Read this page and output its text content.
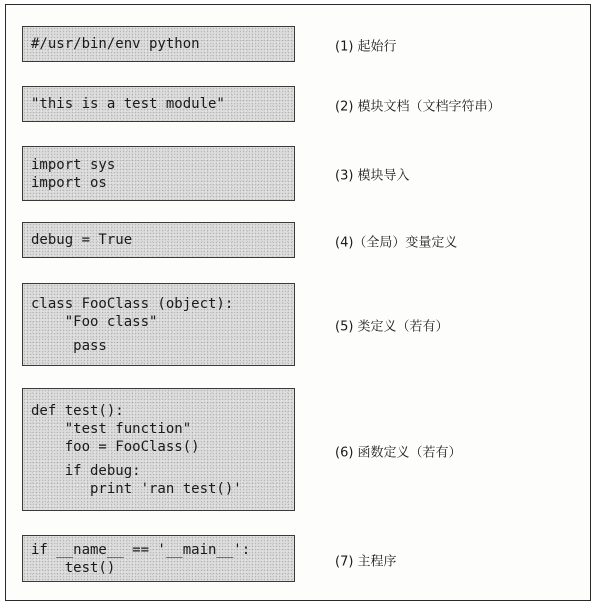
#/usr/bin/env python	(1) 起始行
"this is a test module"	(2) 模块文档（文档字符串）
import sys
import os	(3) 模块导入
debug = True	(4)（全局）变量定义
class FooClass (object):
"Foo class"
pass
(5) 类定义（若有）
def test():
"test function"
foo = FooClass()
if debug:
print 'ran test()'
(6) 函数定义（若有）
if __name__ == '__main__':
test()	(7) 主程序
